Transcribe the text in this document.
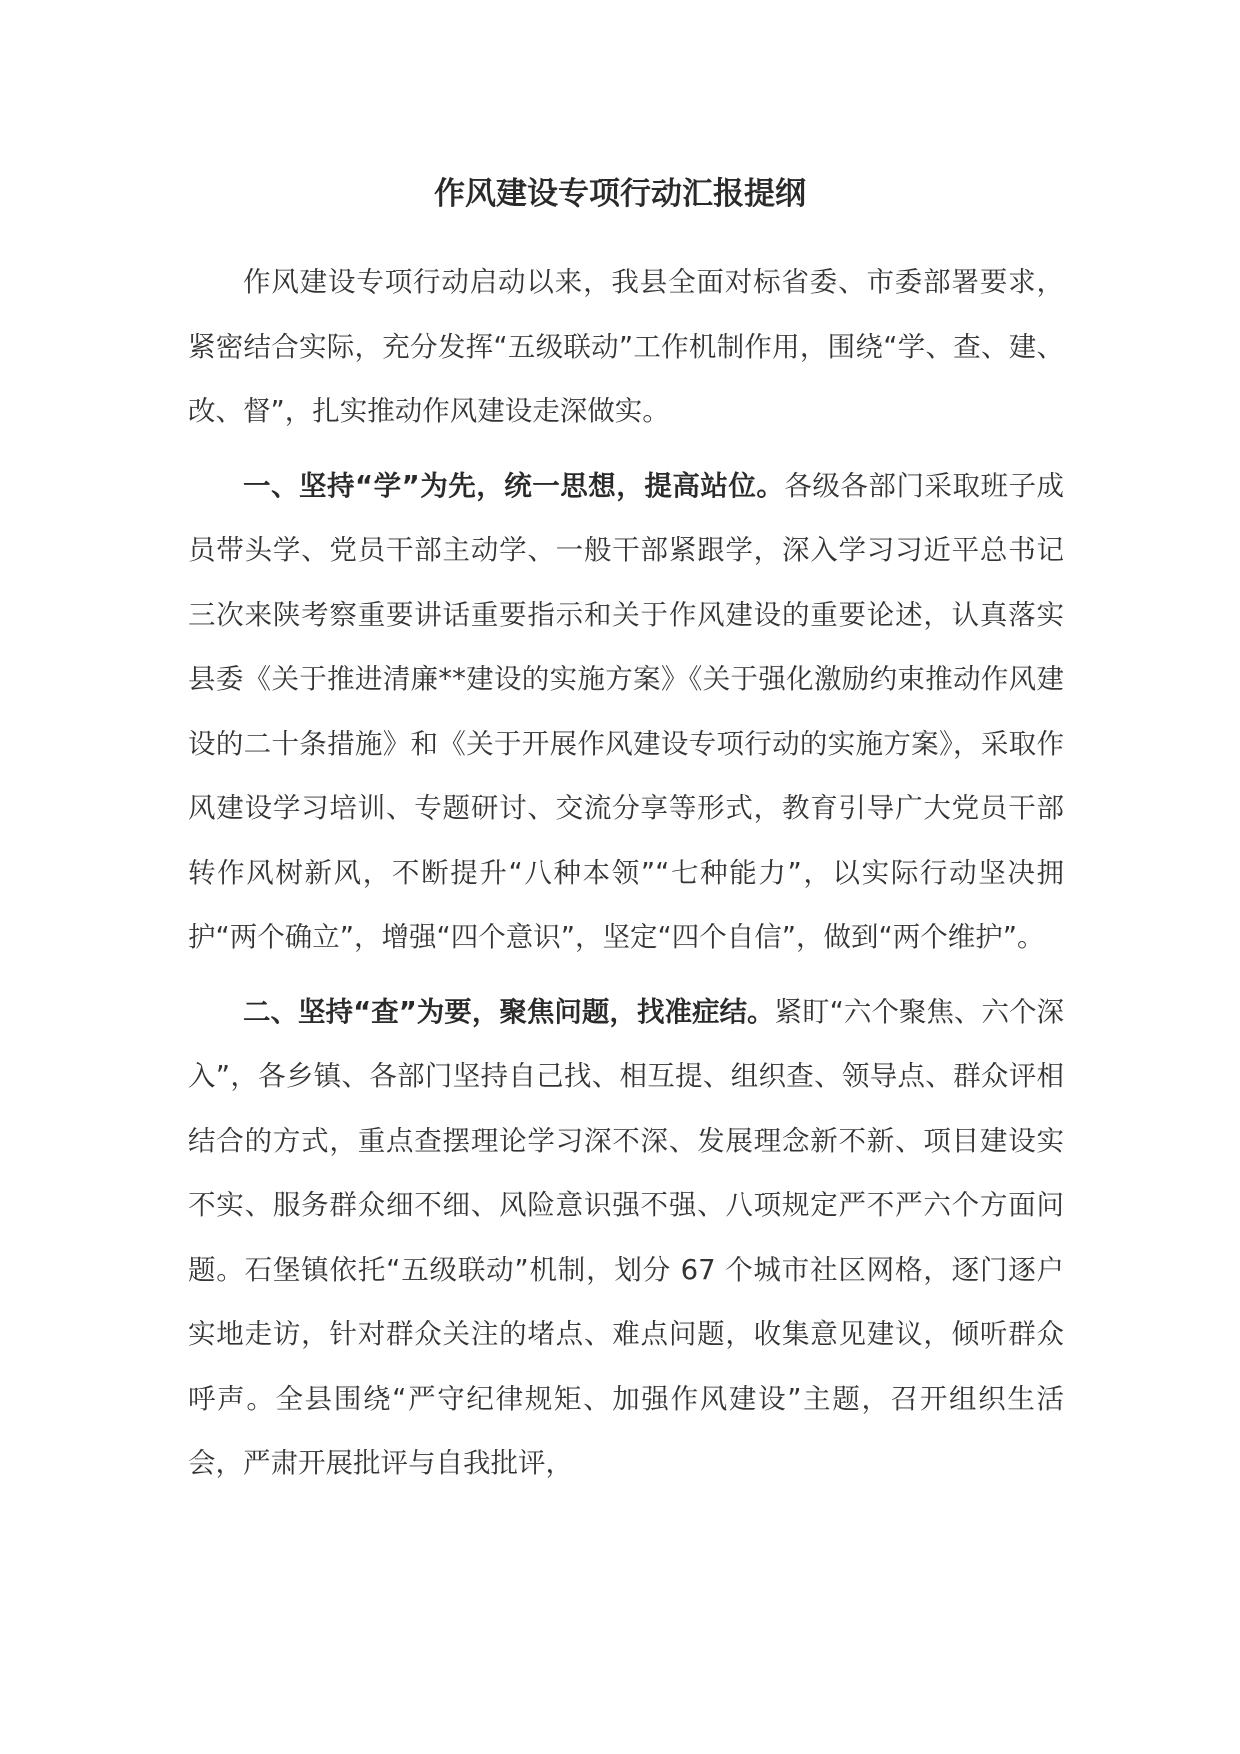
作风建设专项行动汇报提纲

作风建设专项行动启动以来，我县全面对标省委、市委部署要求，紧密结合实际，充分发挥“五级联动”工作机制作用，围绕“学、查、建、改、督”，扎实推动作风建设走深做实。

一、坚持“学”为先，统一思想，提高站位。各级各部门采取班子成员带头学、党员干部主动学、一般干部紧跟学，深入学习习近平总书记三次来陕考察重要讲话重要指示和关于作风建设的重要论述，认真落实县委《关于推进清廉**建设的实施方案》《关于强化激励约束推动作风建设的二十条措施》和《关于开展作风建设专项行动的实施方案》，采取作风建设学习培训、专题研讨、交流分享等形式，教育引导广大党员干部转作风树新风，不断提升“八种本领”“七种能力”，以实际行动坚决拥护“两个确立”，增强“四个意识”，坚定“四个自信”，做到“两个维护”。

二、坚持“查”为要，聚焦问题，找准症结。紧盯“六个聚焦、六个深入”，各乡镇、各部门坚持自己找、相互提、组织查、领导点、群众评相结合的方式，重点查摆理论学习深不深、发展理念新不新、项目建设实不实、服务群众细不细、风险意识强不强、八项规定严不严六个方面问题。石堡镇依托“五级联动”机制，划分 67 个城市社区网格，逐门逐户实地走访，针对群众关注的堵点、难点问题，收集意见建议，倾听群众呼声。全县围绕“严守纪律规矩、加强作风建设”主题，召开组织生活会，严肃开展批评与自我批评，
